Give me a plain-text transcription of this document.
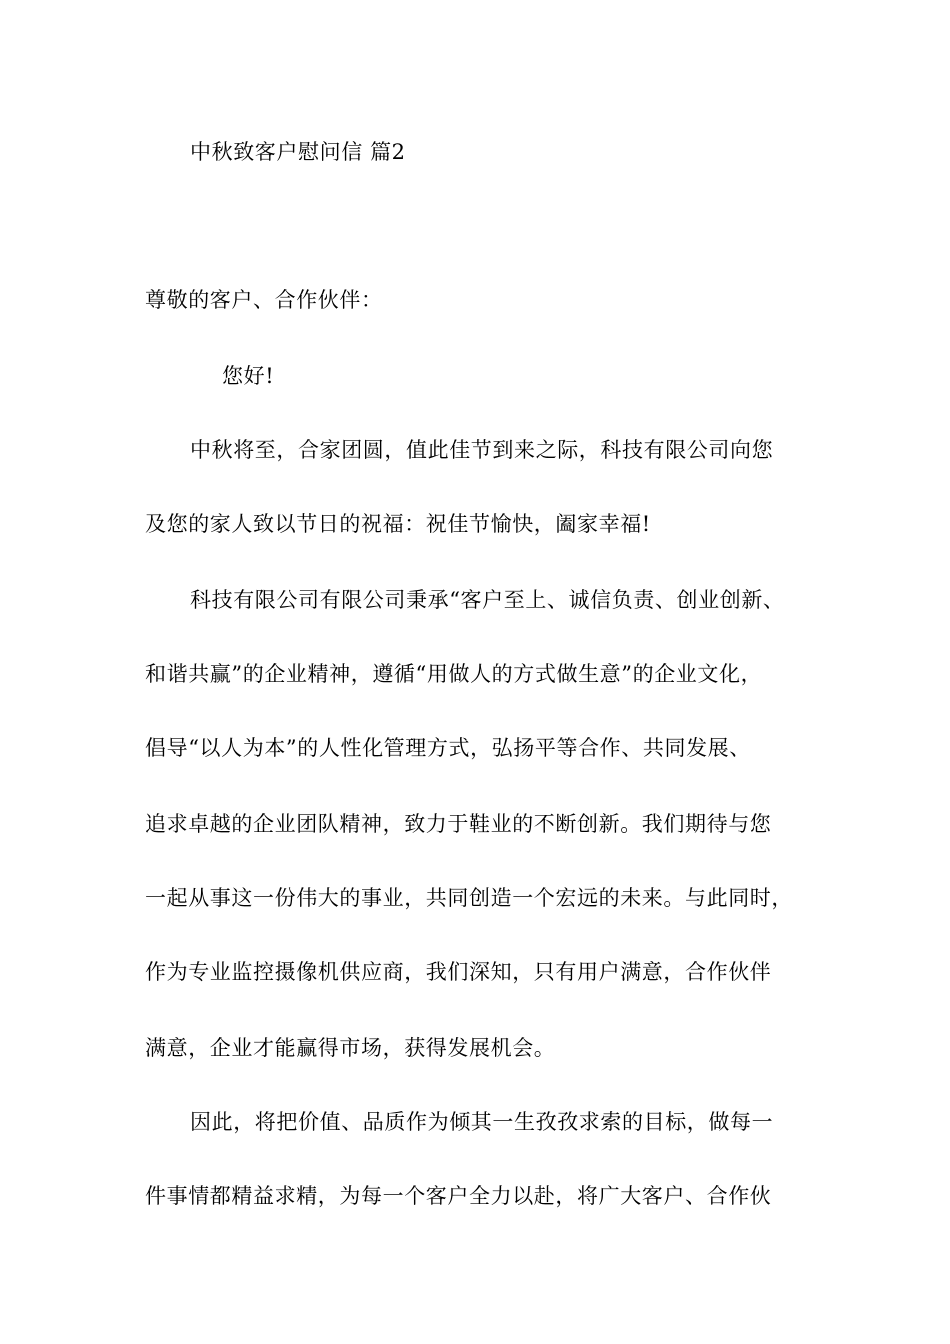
中秋致客户慰问信 篇2
尊敬的客户、合作伙伴：
您好!
中秋将至，合家团圆，值此佳节到来之际，科技有限公司向您
及您的家人致以节日的祝福：祝佳节愉快，阖家幸福!
科技有限公司有限公司秉承“客户至上、诚信负责、创业创新、
和谐共赢”的企业精神，遵循“用做人的方式做生意”的企业文化，
倡导“以人为本”的人性化管理方式，弘扬平等合作、共同发展、
追求卓越的企业团队精神，致力于鞋业的不断创新。我们期待与您
一起从事这一份伟大的事业，共同创造一个宏远的未来。与此同时，
作为专业监控摄像机供应商，我们深知，只有用户满意，合作伙伴
满意，企业才能赢得市场，获得发展机会。
因此，将把价值、品质作为倾其一生孜孜求索的目标，做每一
件事情都精益求精，为每一个客户全力以赴，将广大客户、合作伙
